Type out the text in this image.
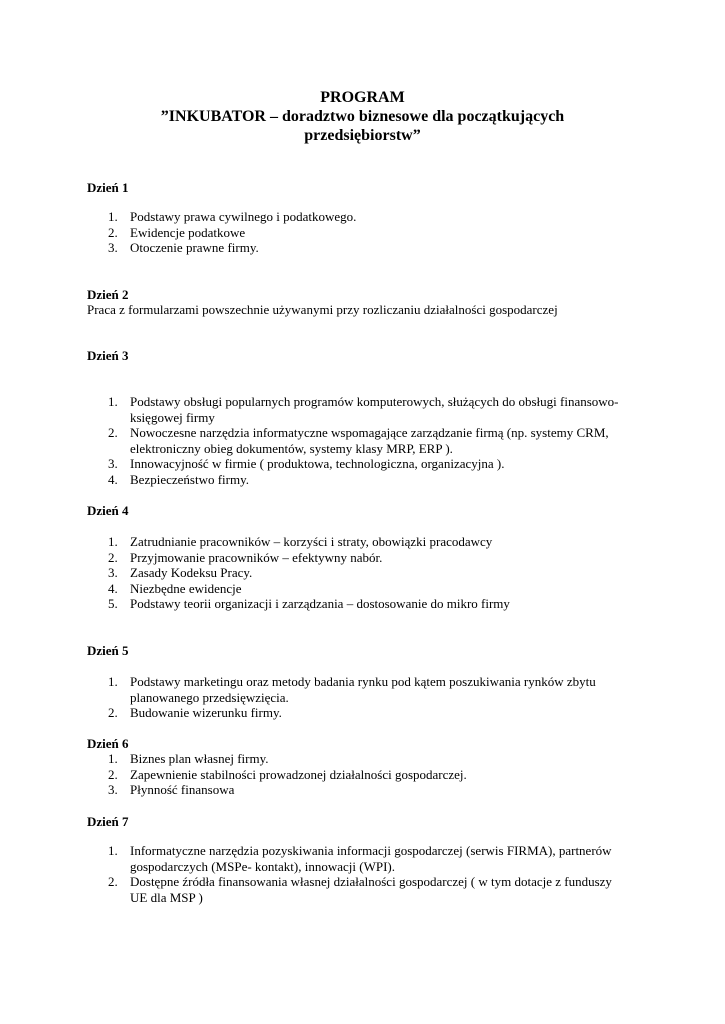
PROGRAM
”INKUBATOR – doradztwo biznesowe dla początkujących
przedsiębiorstw”

Dzień 1

1. Podstawy prawa cywilnego i podatkowego.
2. Ewidencje podatkowe
3. Otoczenie prawne firmy.

Dzień 2

Praca z formularzami powszechnie używanymi przy rozliczaniu działalności gospodarczej

Dzień 3

1. Podstawy obsługi popularnych programów komputerowych, służących do obsługi finansowo-
księgowej firmy
2. Nowoczesne narzędzia informatyczne wspomagające zarządzanie firmą (np. systemy CRM,
elektroniczny obieg dokumentów, systemy klasy MRP, ERP ).
3. Innowacyjność w firmie ( produktowa, technologiczna, organizacyjna ).
4. Bezpieczeństwo firmy.

Dzień 4

1. Zatrudnianie pracowników – korzyści i straty, obowiązki pracodawcy
2. Przyjmowanie pracowników – efektywny nabór.
3. Zasady Kodeksu Pracy.
4. Niezbędne ewidencje
5. Podstawy teorii organizacji i zarządzania – dostosowanie do mikro firmy

Dzień 5

1. Podstawy marketingu oraz metody badania rynku pod kątem poszukiwania rynków zbytu
planowanego przedsięwzięcia.
2. Budowanie wizerunku firmy.

Dzień 6

1. Biznes plan własnej firmy.
2. Zapewnienie stabilności prowadzonej działalności gospodarczej.
3. Płynność finansowa

Dzień 7

1. Informatyczne narzędzia pozyskiwania informacji gospodarczej (serwis FIRMA), partnerów
gospodarczych (MSPe- kontakt), innowacji (WPI).
2. Dostępne źródła finansowania własnej działalności gospodarczej ( w tym dotacje z funduszy
UE dla MSP )
